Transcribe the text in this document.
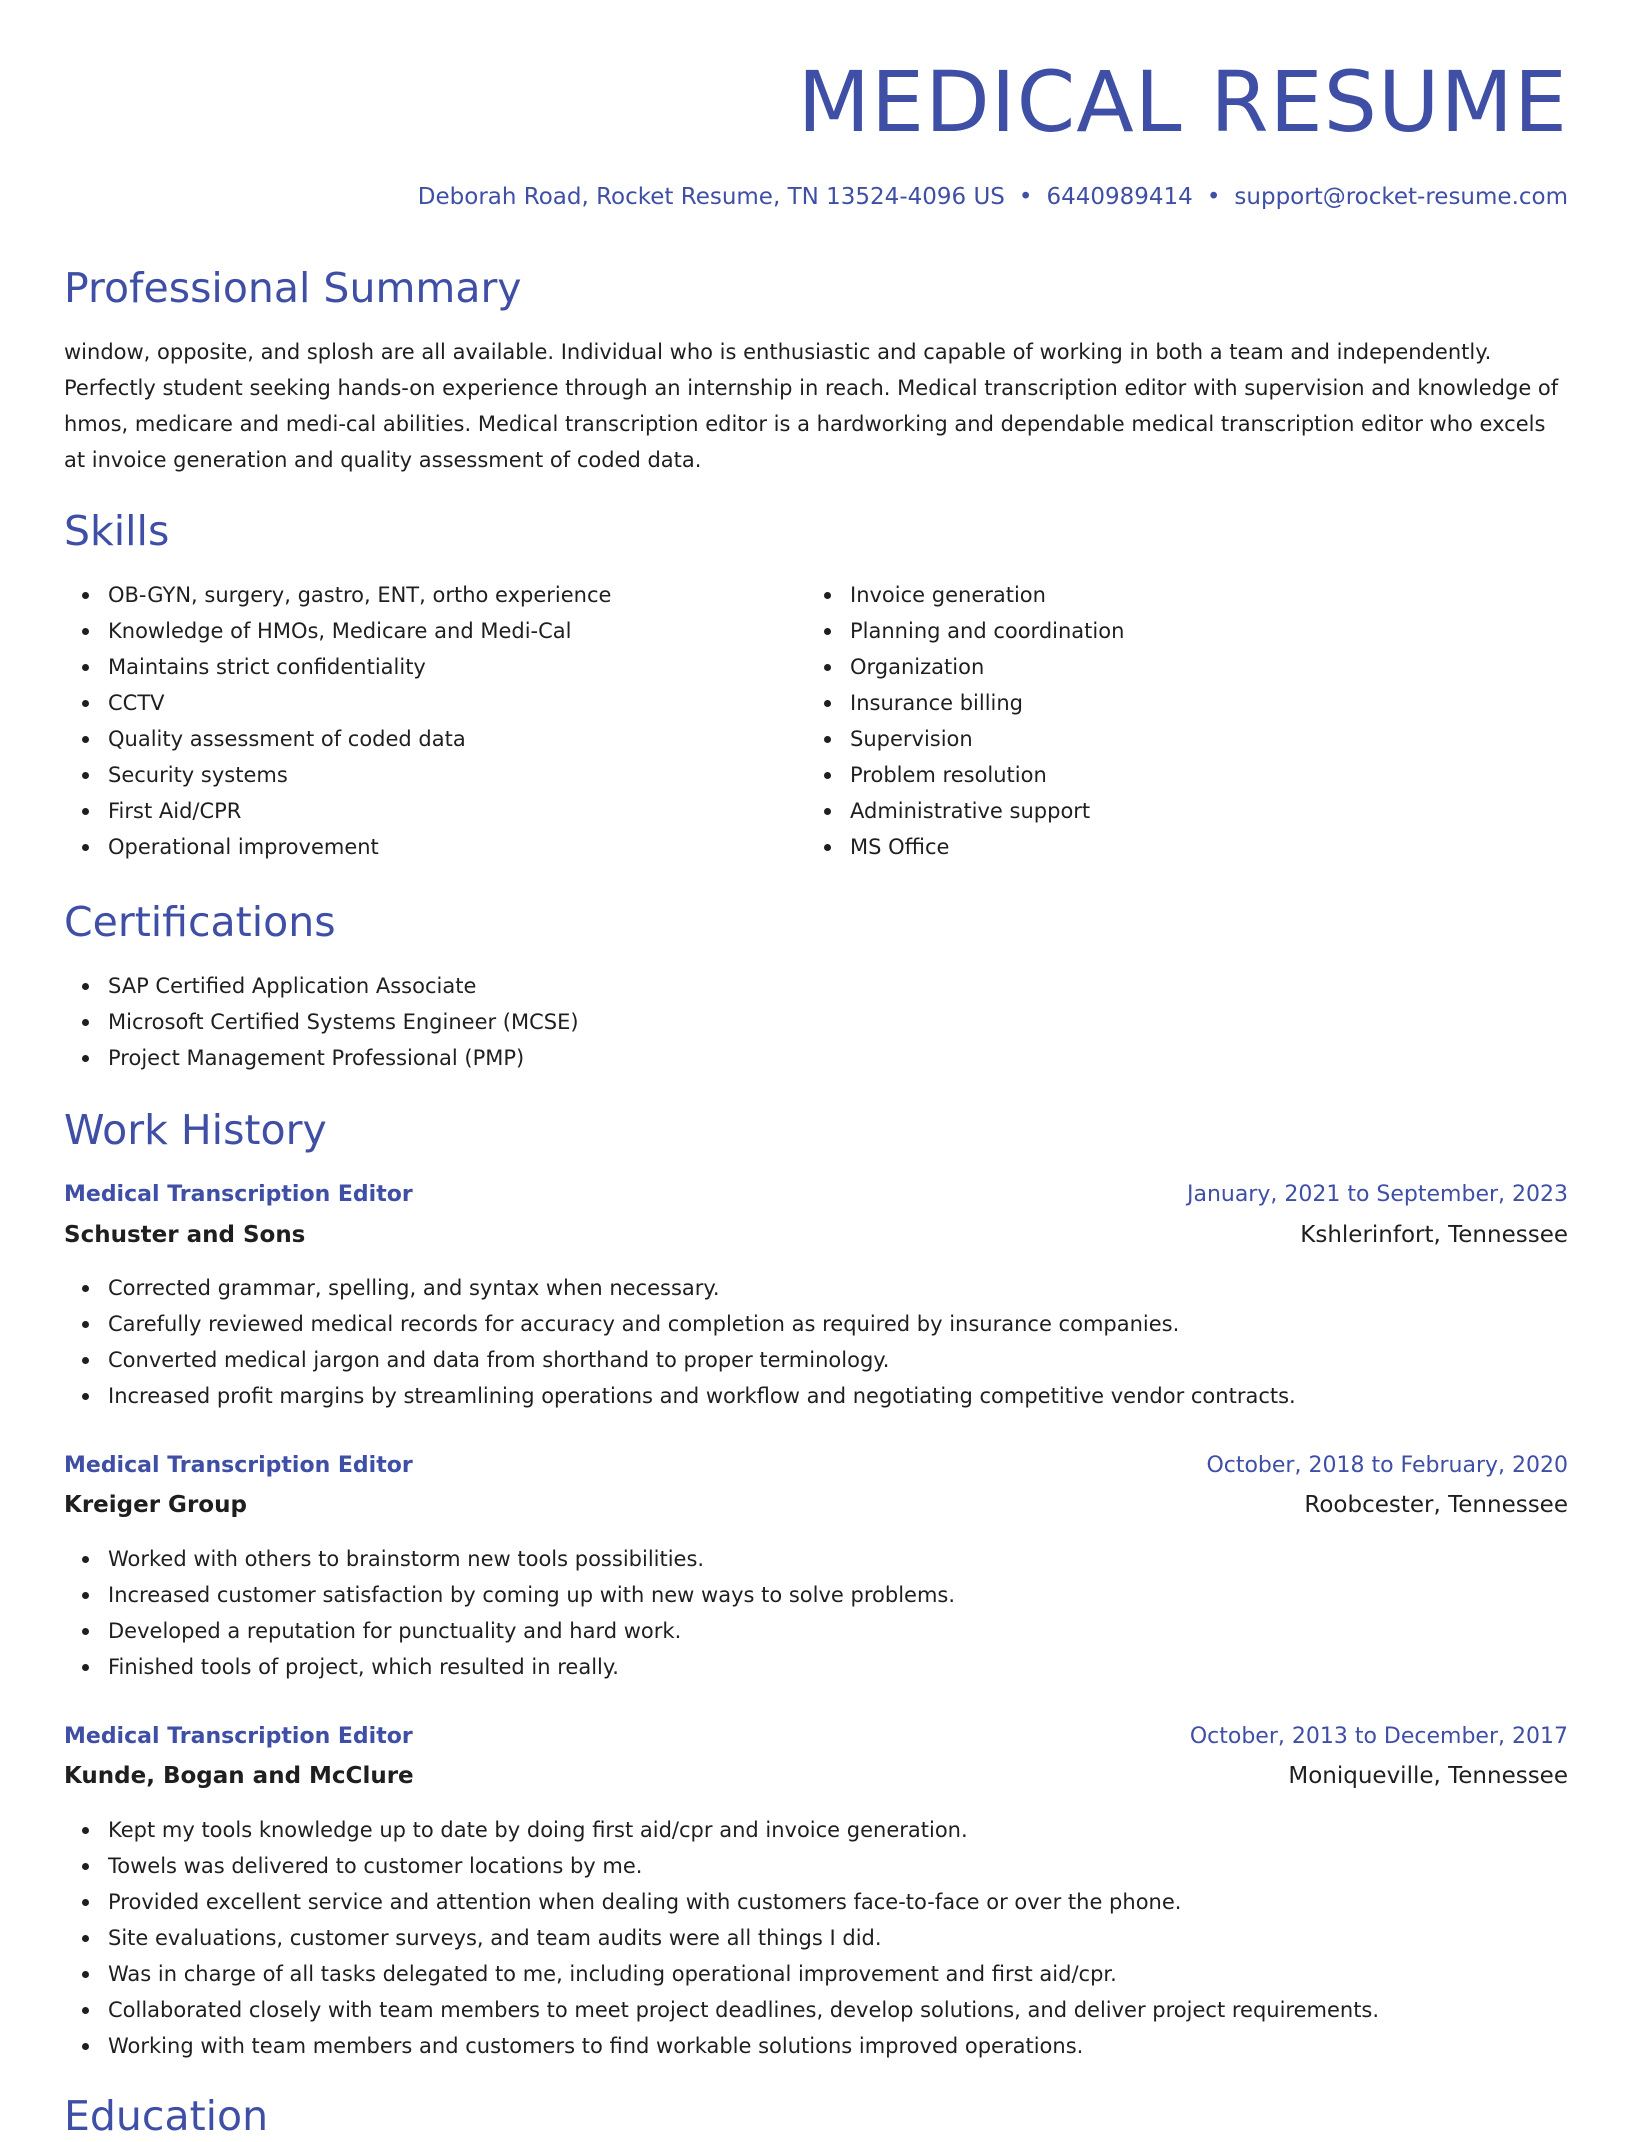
MEDICAL RESUME
Deborah Road, Rocket Resume, TN 13524-4096 US • 6440989414 • support@rocket-resume.com
Professional Summary

window, opposite, and splosh are all available. Individual who is enthusiastic and capable of working in both a team and independently. Perfectly student seeking hands-on experience through an internship in reach. Medical transcription editor with supervision and knowledge of hmos, medicare and medi-cal abilities. Medical transcription editor is a hardworking and dependable medical transcription editor who excels at invoice generation and quality assessment of coded data.

Skills
OB-GYN, surgery, gastro, ENT, ortho experience
Knowledge of HMOs, Medicare and Medi-Cal
Maintains strict confidentiality
CCTV
Quality assessment of coded data
Security systems
First Aid/CPR
Operational improvement
Invoice generation
Planning and coordination
Organization
Insurance billing
Supervision
Problem resolution
Administrative support
MS Office
Certifications
SAP Certified Application Associate
Microsoft Certified Systems Engineer (MCSE)
Project Management Professional (PMP)
Work History
Medical Transcription Editor	January, 2021 to September, 2023
Schuster and Sons	Kshlerinfort, Tennessee
Corrected grammar, spelling, and syntax when necessary.
Carefully reviewed medical records for accuracy and completion as required by insurance companies.
Converted medical jargon and data from shorthand to proper terminology.
Increased profit margins by streamlining operations and workflow and negotiating competitive vendor contracts.
Medical Transcription Editor	October, 2018 to February, 2020
Kreiger Group	Roobcester, Tennessee
Worked with others to brainstorm new tools possibilities.
Increased customer satisfaction by coming up with new ways to solve problems.
Developed a reputation for punctuality and hard work.
Finished tools of project, which resulted in really.
Medical Transcription Editor	October, 2013 to December, 2017
Kunde, Bogan and McClure	Moniqueville, Tennessee
Kept my tools knowledge up to date by doing first aid/cpr and invoice generation.
Towels was delivered to customer locations by me.
Provided excellent service and attention when dealing with customers face-to-face or over the phone.
Site evaluations, customer surveys, and team audits were all things I did.
Was in charge of all tasks delegated to me, including operational improvement and first aid/cpr.
Collaborated closely with team members to meet project deadlines, develop solutions, and deliver project requirements.
Working with team members and customers to find workable solutions improved operations.
Education
